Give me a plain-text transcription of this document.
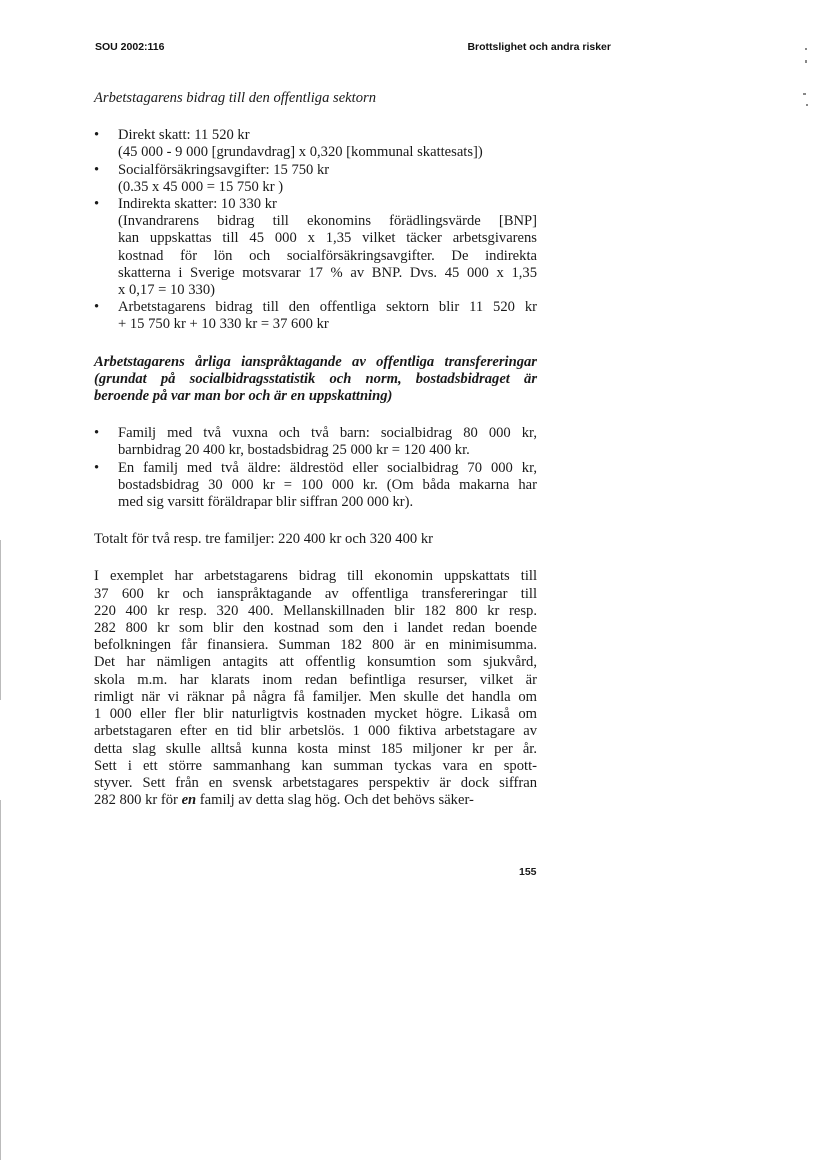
SOU 2002:116	Brottslighet och andra risker

Arbetstagarens bidrag till den offentliga sektorn

• Direkt skatt: 11 520 kr
(45 000 - 9 000 [grundavdrag] x 0,320 [kommunal skattesats])
• Socialförsäkringsavgifter: 15 750 kr
(0.35 x 45 000 = 15 750 kr )
• Indirekta skatter: 10 330 kr
(Invandrarens bidrag till ekonomins förädlingsvärde [BNP]
kan uppskattas till 45 000 x 1,35 vilket täcker arbetsgivarens
kostnad för lön och socialförsäkringsavgifter. De indirekta
skatterna i Sverige motsvarar 17 % av BNP. Dvs. 45 000 x 1,35
x 0,17 = 10 330)
• Arbetstagarens bidrag till den offentliga sektorn blir 11 520 kr
+ 15 750 kr + 10 330 kr = 37 600 kr

Arbetstagarens årliga ianspråktagande av offentliga transfereringar
(grundat på socialbidragsstatistik och norm, bostadsbidraget är
beroende på var man bor och är en uppskattning)

• Familj med två vuxna och två barn: socialbidrag 80 000 kr,
barnbidrag 20 400 kr, bostadsbidrag 25 000 kr = 120 400 kr.
• En familj med två äldre: äldrestöd eller socialbidrag 70 000 kr,
bostadsbidrag 30 000 kr = 100 000 kr. (Om båda makarna har
med sig varsitt föräldrapar blir siffran 200 000 kr).

Totalt för två resp. tre familjer: 220 400 kr och 320 400 kr

I exemplet har arbetstagarens bidrag till ekonomin uppskattats till
37 600 kr och ianspråktagande av offentliga transfereringar till
220 400 kr resp. 320 400. Mellanskillnaden blir 182 800 kr resp.
282 800 kr som blir den kostnad som den i landet redan boende
befolkningen får finansiera. Summan 182 800 är en minimisumma.
Det har nämligen antagits att offentlig konsumtion som sjukvård,
skola m.m. har klarats inom redan befintliga resurser, vilket är
rimligt när vi räknar på några få familjer. Men skulle det handla om
1 000 eller fler blir naturligtvis kostnaden mycket högre. Likaså om
arbetstagaren efter en tid blir arbetslös. 1 000 fiktiva arbetstagare av
detta slag skulle alltså kunna kosta minst 185 miljoner kr per år.
Sett i ett större sammanhang kan summan tyckas vara en spott-
styver. Sett från en svensk arbetstagares perspektiv är dock siffran
282 800 kr för en familj av detta slag hög. Och det behövs säker-

155
